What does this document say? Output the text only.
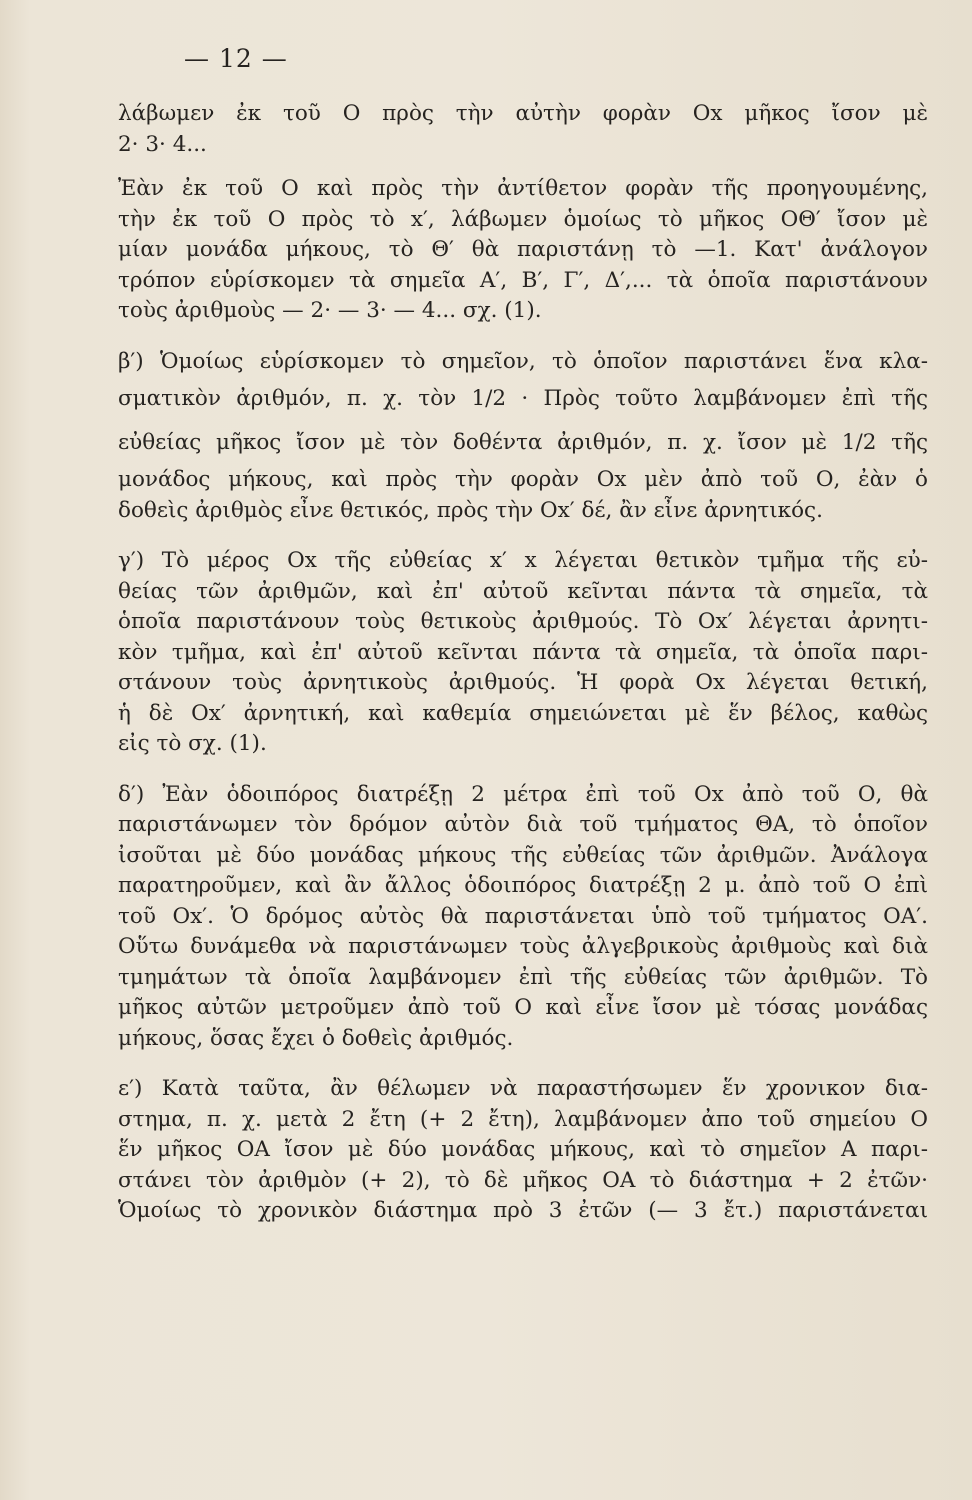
— 12 —

λάβωμεν ἐκ τοῦ Ο πρὸς τὴν αὐτὴν φορὰν Οx μῆκος ἴσον μὲ
2· 3· 4...

Ἐὰν ἐκ τοῦ Ο καὶ πρὸς τὴν ἀντίθετον φορὰν τῆς προηγουμένης,
τὴν ἐκ τοῦ Ο πρὸς τὸ x′, λάβωμεν ὁμοίως τὸ μῆκος ΟΘ′ ἴσον μὲ
μίαν μονάδα μήκους, τὸ Θ′ θὰ παριστάνῃ τὸ —1. Κατ' ἀνάλογον
τρόπον εὑρίσκομεν τὰ σημεῖα Α′, Β′, Γ′, Δ′,... τὰ ὁποῖα παριστάνουν
τοὺς ἀριθμοὺς — 2· — 3· — 4... σχ. (1).

β′) Ὁμοίως εὑρίσκομεν τὸ σημεῖον, τὸ ὁποῖον παριστάνει ἕνα κλα-
σματικὸν ἀριθμόν, π. χ. τὸν 1/2 · Πρὸς τοῦτο λαμβάνομεν ἐπὶ τῆς
εὐθείας μῆκος ἴσον μὲ τὸν δοθέντα ἀριθμόν, π. χ. ἴσον μὲ 1/2 τῆς
μονάδος μήκους, καὶ πρὸς τὴν φορὰν Οx μὲν ἀπὸ τοῦ Ο, ἐὰν ὁ
δοθεὶς ἀριθμὸς εἶνε θετικός, πρὸς τὴν Οx′ δέ, ἂν εἶνε ἀρνητικός.

γ′) Τὸ μέρος Οx τῆς εὐθείας x′ x λέγεται θετικὸν τμῆμα τῆς εὐ-
θείας τῶν ἀριθμῶν, καὶ ἐπ' αὐτοῦ κεῖνται πάντα τὰ σημεῖα, τὰ
ὁποῖα παριστάνουν τοὺς θετικοὺς ἀριθμούς. Τὸ Οx′ λέγεται ἀρνητι-
κὸν τμῆμα, καὶ ἐπ' αὐτοῦ κεῖνται πάντα τὰ σημεῖα, τὰ ὁποῖα παρι-
στάνουν τοὺς ἀρνητικοὺς ἀριθμούς. Ἡ φορὰ Οx λέγεται θετική,
ἡ δὲ Οx′ ἀρνητική, καὶ καθεμία σημειώνεται μὲ ἕν βέλος, καθὼς
εἰς τὸ σχ. (1).

δ′) Ἐὰν ὁδοιπόρος διατρέξῃ 2 μέτρα ἐπὶ τοῦ Οx ἀπὸ τοῦ Ο, θὰ
παριστάνωμεν τὸν δρόμον αὐτὸν διὰ τοῦ τμήματος ΘΑ, τὸ ὁποῖον
ἰσοῦται μὲ δύο μονάδας μήκους τῆς εὐθείας τῶν ἀριθμῶν. Ἀνάλογα
παρατηροῦμεν, καὶ ἂν ἄλλος ὁδοιπόρος διατρέξῃ 2 μ. ἀπὸ τοῦ Ο ἐπὶ
τοῦ Οx′. Ὁ δρόμος αὐτὸς θὰ παριστάνεται ὑπὸ τοῦ τμήματος ΟΑ′.
Οὕτω δυνάμεθα νὰ παριστάνωμεν τοὺς ἀλγεβρικοὺς ἀριθμοὺς καὶ διὰ
τμημάτων τὰ ὁποῖα λαμβάνομεν ἐπὶ τῆς εὐθείας τῶν ἀριθμῶν. Τὸ
μῆκος αὐτῶν μετροῦμεν ἀπὸ τοῦ Ο καὶ εἶνε ἴσον μὲ τόσας μονάδας
μήκους, ὅσας ἔχει ὁ δοθεὶς ἀριθμός.

ε′) Κατὰ ταῦτα, ἂν θέλωμεν νὰ παραστήσωμεν ἕν χρονικον δια-
στημα, π. χ. μετὰ 2 ἔτη (+ 2 ἔτη), λαμβάνομεν ἀπο τοῦ σημείου Ο
ἕν μῆκος ΟΑ ἴσον μὲ δύο μονάδας μήκους, καὶ τὸ σημεῖον Α παρι-
στάνει τὸν ἀριθμὸν (+ 2), τὸ δὲ μῆκος ΟΑ τὸ διάστημα + 2 ἐτῶν·
Ὁμοίως τὸ χρονικὸν διάστημα πρὸ 3 ἐτῶν (— 3 ἔτ.) παριστάνεται
